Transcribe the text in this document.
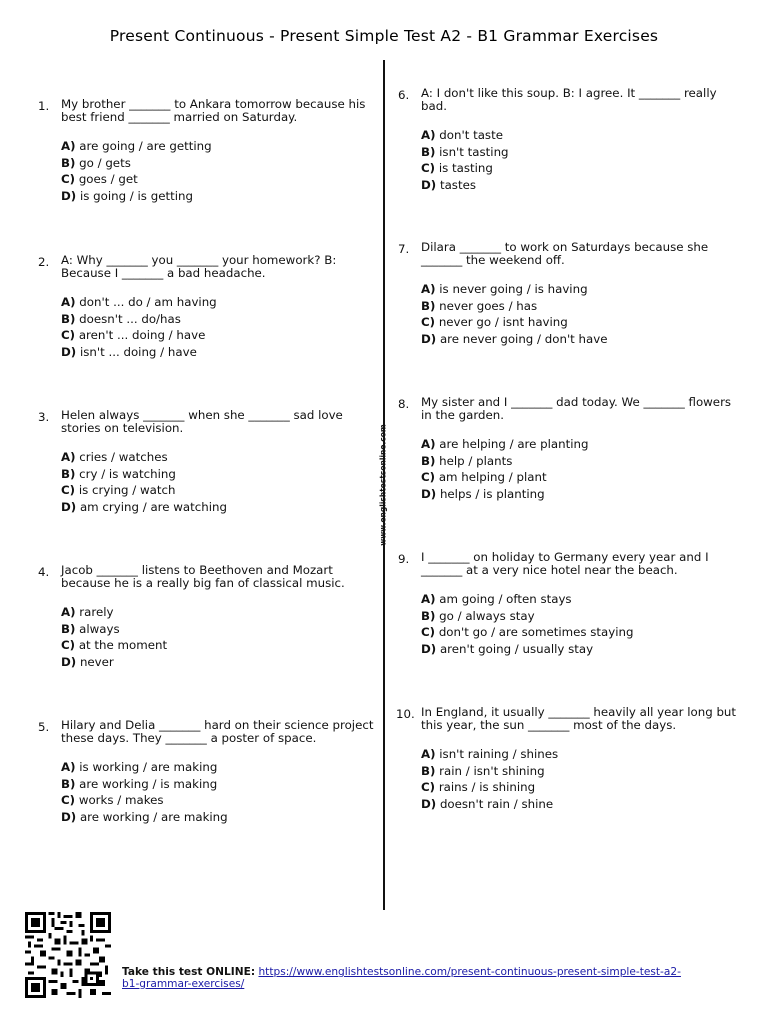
Present Continuous - Present Simple Test A2 - B1 Grammar Exercises
www.englishtestsonline.com
1. My brother _______ to Ankara tomorrow because his best friend _______ married on Saturday.
A) are going / are getting
B) go / gets
C) goes / get
D) is going / is getting
2. A: Why _______ you _______ your homework? B: Because I _______ a bad headache.
A) don't ... do / am having
B) doesn't ... do/has
C) aren't ... doing / have
D) isn't ... doing / have
3. Helen always _______ when she _______ sad love stories on television.
A) cries / watches
B) cry / is watching
C) is crying / watch
D) am crying / are watching
4. Jacob _______ listens to Beethoven and Mozart because he is a really big fan of classical music.
A) rarely
B) always
C) at the moment
D) never
5. Hilary and Delia _______ hard on their science project these days. They _______ a poster of space.
A) is working / are making
B) are working / is making
C) works / makes
D) are working / are making
6. A: I don't like this soup. B: I agree. It _______ really bad.
A) don't taste
B) isn't tasting
C) is tasting
D) tastes
7. Dilara _______ to work on Saturdays because she _______ the weekend off.
A) is never going / is having
B) never goes / has
C) never go / isnt having
D) are never going / don't have
8. My sister and I _______ dad today. We _______ flowers in the garden.
A) are helping / are planting
B) help / plants
C) am helping / plant
D) helps / is planting
9. I _______ on holiday to Germany every year and I _______ at a very nice hotel near the beach.
A) am going / often stays
B) go / always stay
C) don't go / are sometimes staying
D) aren't going / usually stay
10. In England, it usually _______ heavily all year long but this year, the sun _______ most of the days.
A) isn't raining / shines
B) rain / isn't shining
C) rains / is shining
D) doesn't rain / shine
Take this test ONLINE: https://www.englishtestsonline.com/present-continuous-present-simple-test-a2-b1-grammar-exercises/
